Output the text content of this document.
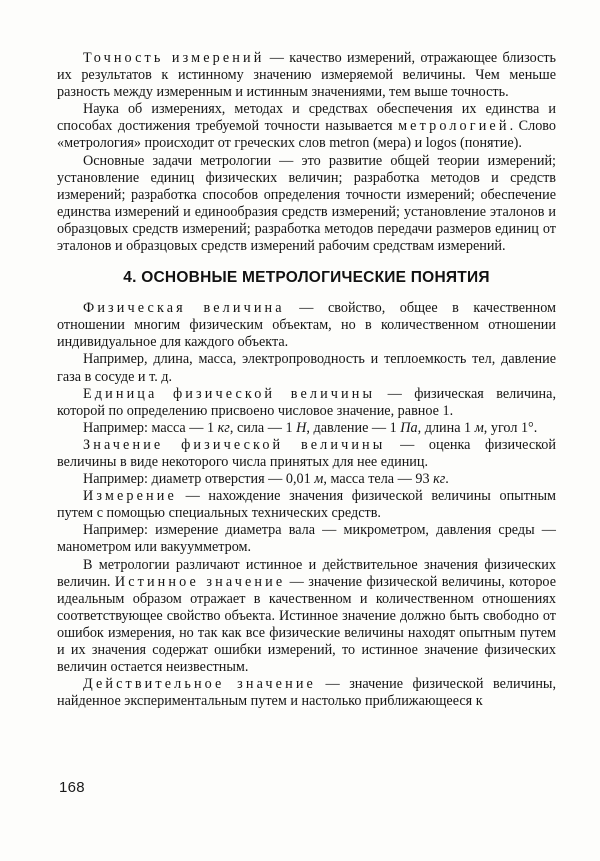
Точность измерений — качество измерений, отражающее близость их результатов к истинному значению измеряемой величины. Чем меньше разность между измеренным и истинным значениями, тем выше точность.

Наука об измерениях, методах и средствах обеспечения их единства и способах достижения требуемой точности называется метрологией. Слово «метрология» происходит от греческих слов metron (мера) и logos (понятие).

Основные задачи метрологии — это развитие общей теории измерений; установление единиц физических величин; разработка методов и средств измерений; разработка способов определения точности измерений; обеспечение единства измерений и единообразия средств измерений; установление эталонов и образцовых средств измерений; разработка методов передачи размеров единиц от эталонов и образцовых средств измерений рабочим средствам измерений.

4. ОСНОВНЫЕ МЕТРОЛОГИЧЕСКИЕ ПОНЯТИЯ

Физическая величина — свойство, общее в качественном отношении многим физическим объектам, но в количественном отношении индивидуальное для каждого объекта.

Например, длина, масса, электропроводность и теплоемкость тел, давление газа в сосуде и т. д.

Единица физической величины — физическая величина, которой по определению присвоено числовое значение, равное 1.

Например: масса — 1 кг, сила — 1 Н, давление — 1 Па, длина 1 м, угол 1°.

Значение физической величины — оценка физической величины в виде некоторого числа принятых для нее единиц.

Например: диаметр отверстия — 0,01 м, масса тела — 93 кг.

Измерение — нахождение значения физической величины опытным путем с помощью специальных технических средств.

Например: измерение диаметра вала — микрометром, давления среды — манометром или вакуумметром.

В метрологии различают истинное и действительное значения физических величин. Истинное значение — значение физической величины, которое идеальным образом отражает в качественном и количественном отношениях соответствующее свойство объекта. Истинное значение должно быть свободно от ошибок измерения, но так как все физические величины находят опытным путем и их значения содержат ошибки измерений, то истинное значение физических величин остается неизвестным.

Действительное значение — значение физической величины, найденное экспериментальным путем и настолько приближающееся к

168
